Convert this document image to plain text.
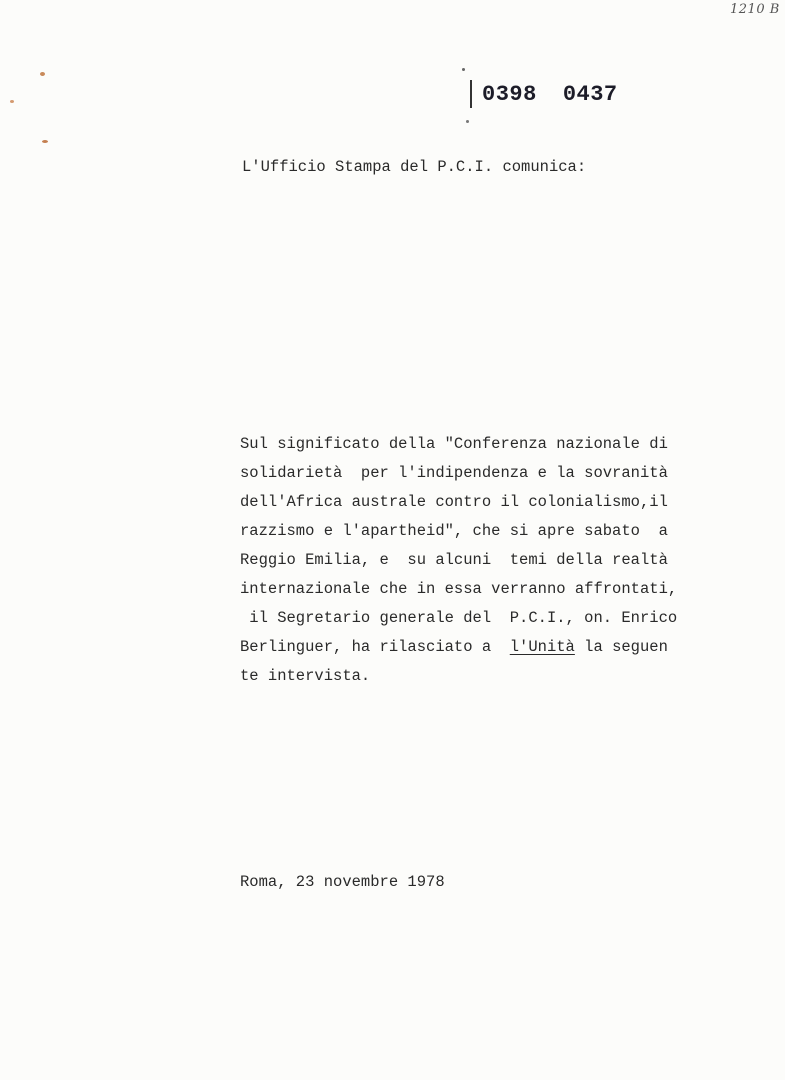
1210 B
0398 0437
L'Ufficio Stampa del P.C.I. comunica:
Sul significato della "Conferenza nazionale di
solidarietà  per l'indipendenza e la sovranità
dell'Africa australe contro il colonialismo,il
razzismo e l'apartheid", che si apre sabato  a
Reggio Emilia, e  su alcuni  temi della realtà
internazionale che in essa verranno affrontati,
il Segretario generale del  P.C.I., on. Enrico
Berlinguer, ha rilasciato a  l'Unità la seguen
te intervista.
Roma, 23 novembre 1978
